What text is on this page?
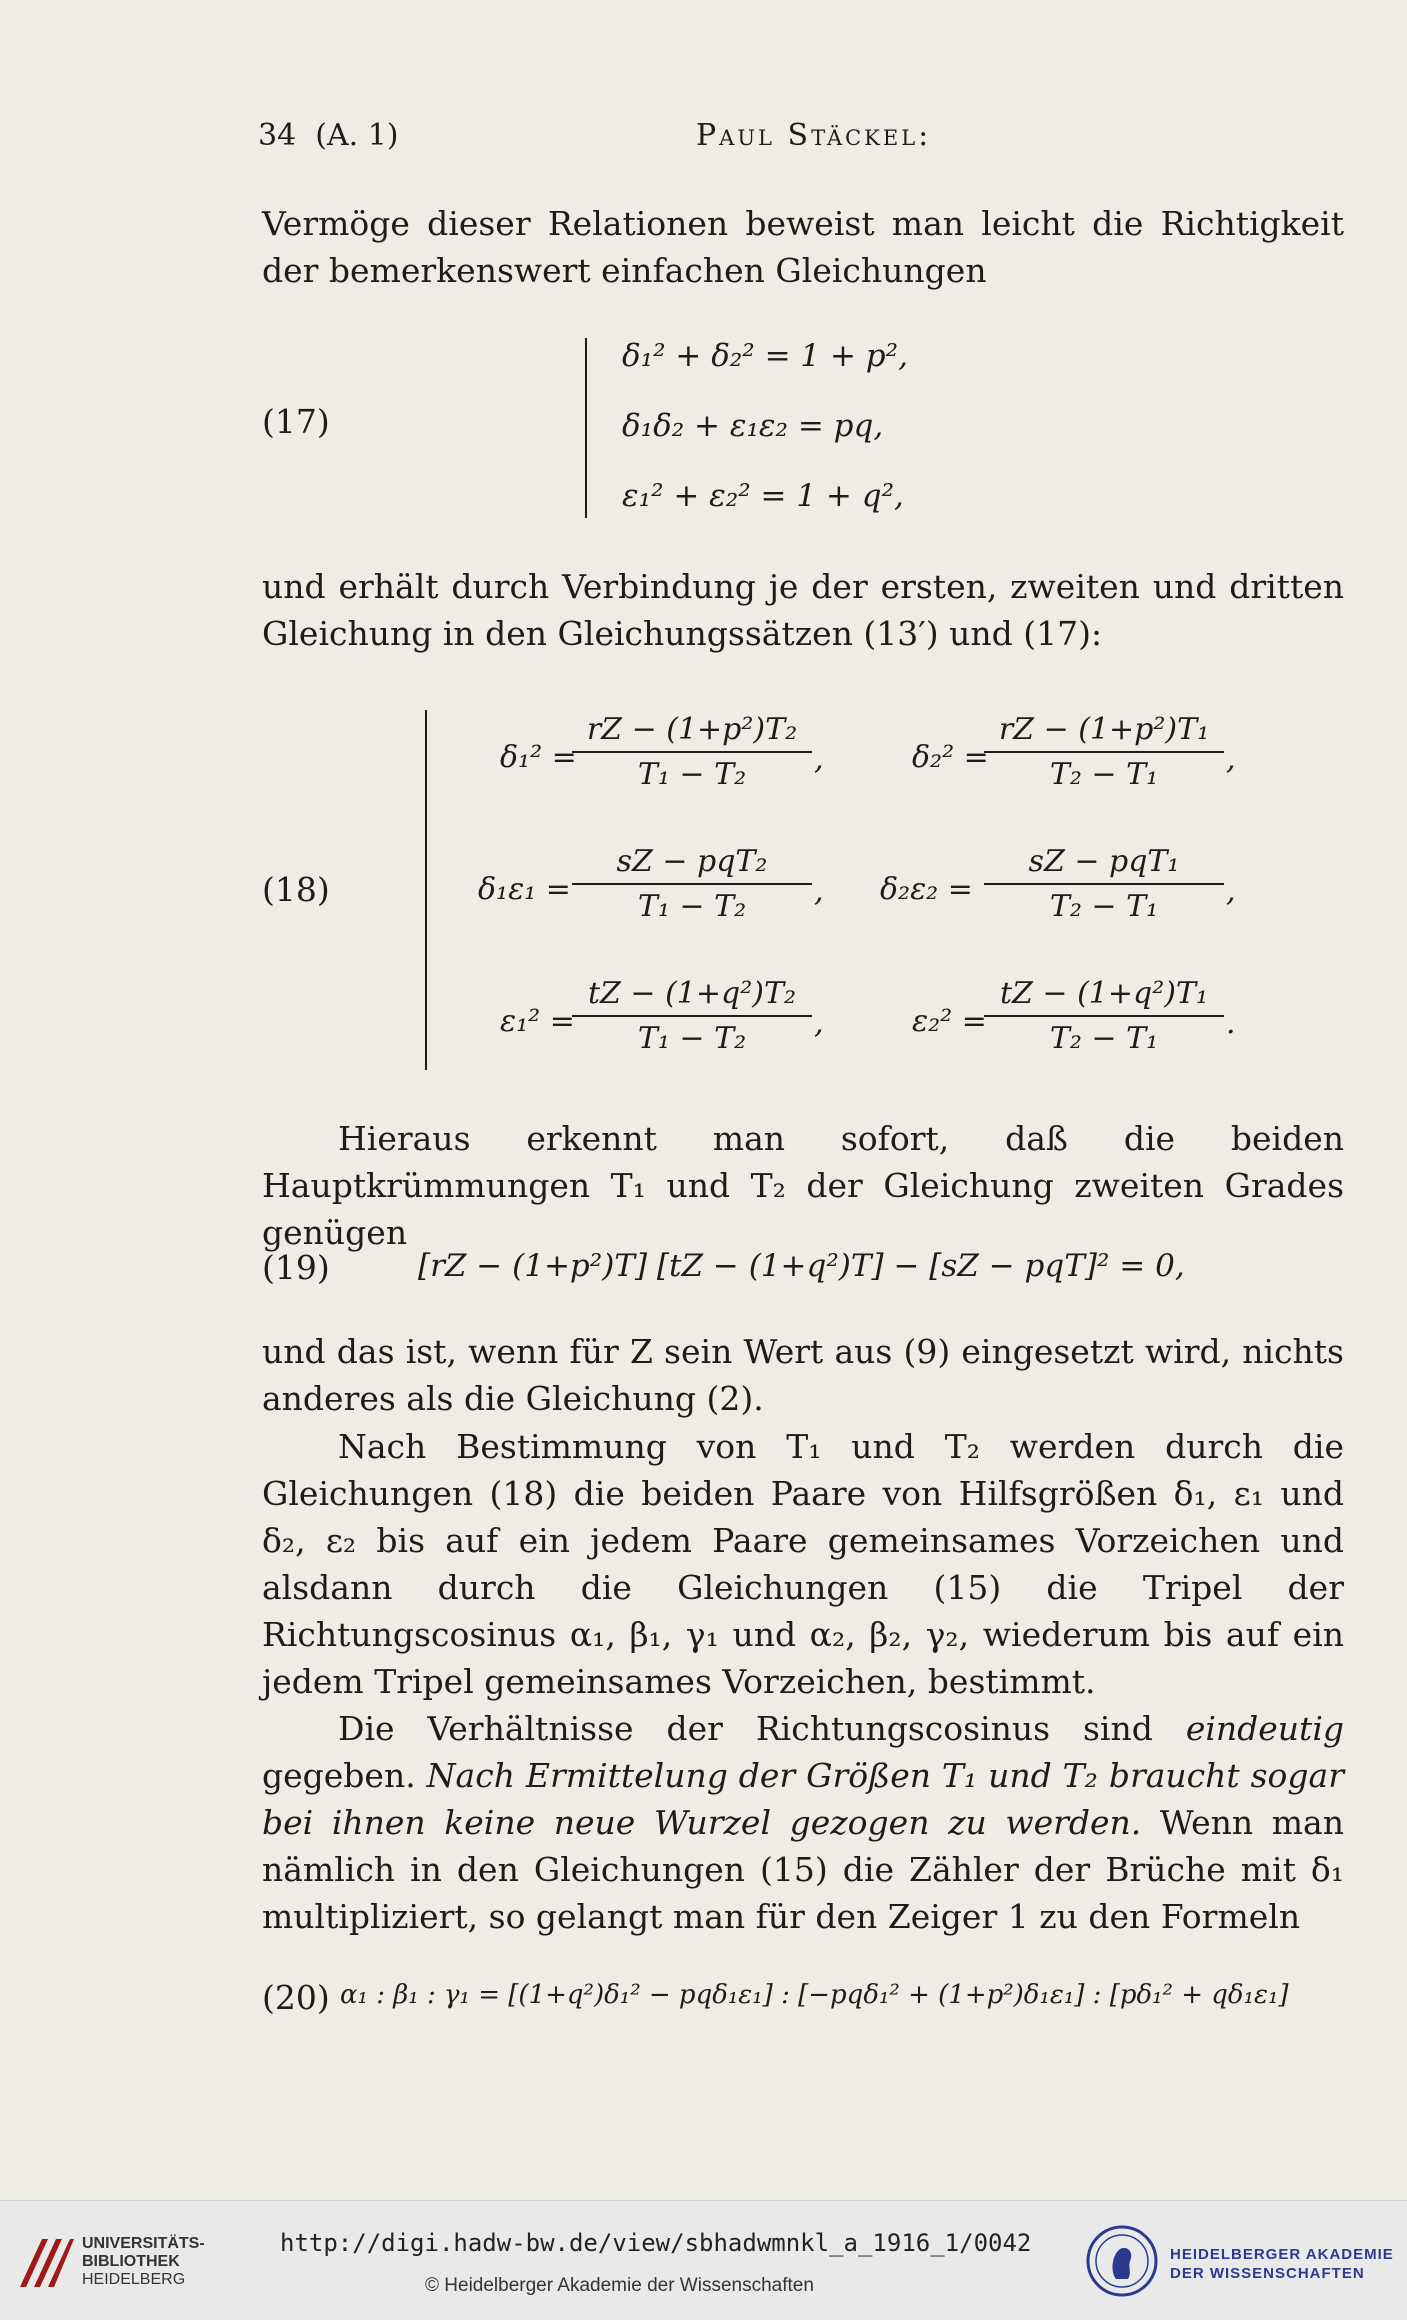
34 (A. 1)	Paul Stäckel:
Vermöge dieser Relationen beweist man leicht die Richtigkeit der bemerkenswert einfachen Gleichungen
(17)
δ₁² + δ₂² = 1 + p²,
δ₁δ₂ + ε₁ε₂ = pq,
ε₁² + ε₂² = 1 + q²,
und erhält durch Verbindung je der ersten, zweiten und dritten Gleichung in den Gleichungssätzen (13′) und (17):
(18)
δ₁² =
rZ − (1+p²)T₂
T₁ − T₂	,	δ₂² =
rZ − (1+p²)T₁
T₂ − T₁	,
δ₁ε₁ =
sZ − pqT₂
T₁ − T₂	, δ₂ε₂ =
sZ − pqT₁
T₂ − T₁	,
ε₁² =
tZ − (1+q²)T₂
T₁ − T₂	,	ε₂² =
tZ − (1+q²)T₁
T₂ − T₁	.
Hieraus erkennt man sofort, daß die beiden Hauptkrümmungen T₁ und T₂ der Gleichung zweiten Grades genügen
(19)	[rZ − (1+p²)T] [tZ − (1+q²)T] − [sZ − pqT]² = 0,
und das ist, wenn für Z sein Wert aus (9) eingesetzt wird, nichts anderes als die Gleichung (2).
Nach Bestimmung von T₁ und T₂ werden durch die Gleichungen (18) die beiden Paare von Hilfsgrößen δ₁, ε₁ und δ₂, ε₂ bis auf ein jedem Paare gemeinsames Vorzeichen und alsdann durch die Gleichungen (15) die Tripel der Richtungscosinus α₁, β₁, γ₁ und α₂, β₂, γ₂, wiederum bis auf ein jedem Tripel gemeinsames Vorzeichen, bestimmt.
Die Verhältnisse der Richtungscosinus sind eindeutig gegeben. Nach Ermittelung der Größen T₁ und T₂ braucht sogar bei ihnen keine neue Wurzel gezogen zu werden. Wenn man nämlich in den Gleichungen (15) die Zähler der Brüche mit δ₁ multipliziert, so gelangt man für den Zeiger 1 zu den Formeln
(20) α₁ : β₁ : γ₁ = [(1+q²)δ₁² − pqδ₁ε₁] : [−pqδ₁² + (1+p²)δ₁ε₁] : [pδ₁² + qδ₁ε₁]
UNIVERSITÄTS-
BIBLIOTHEK
HEIDELBERG
http://digi.hadw-bw.de/view/sbhadwmnkl_a_1916_1/0042
© Heidelberger Akademie der Wissenschaften
HEIDELBERGER AKADEMIE
DER WISSENSCHAFTEN
